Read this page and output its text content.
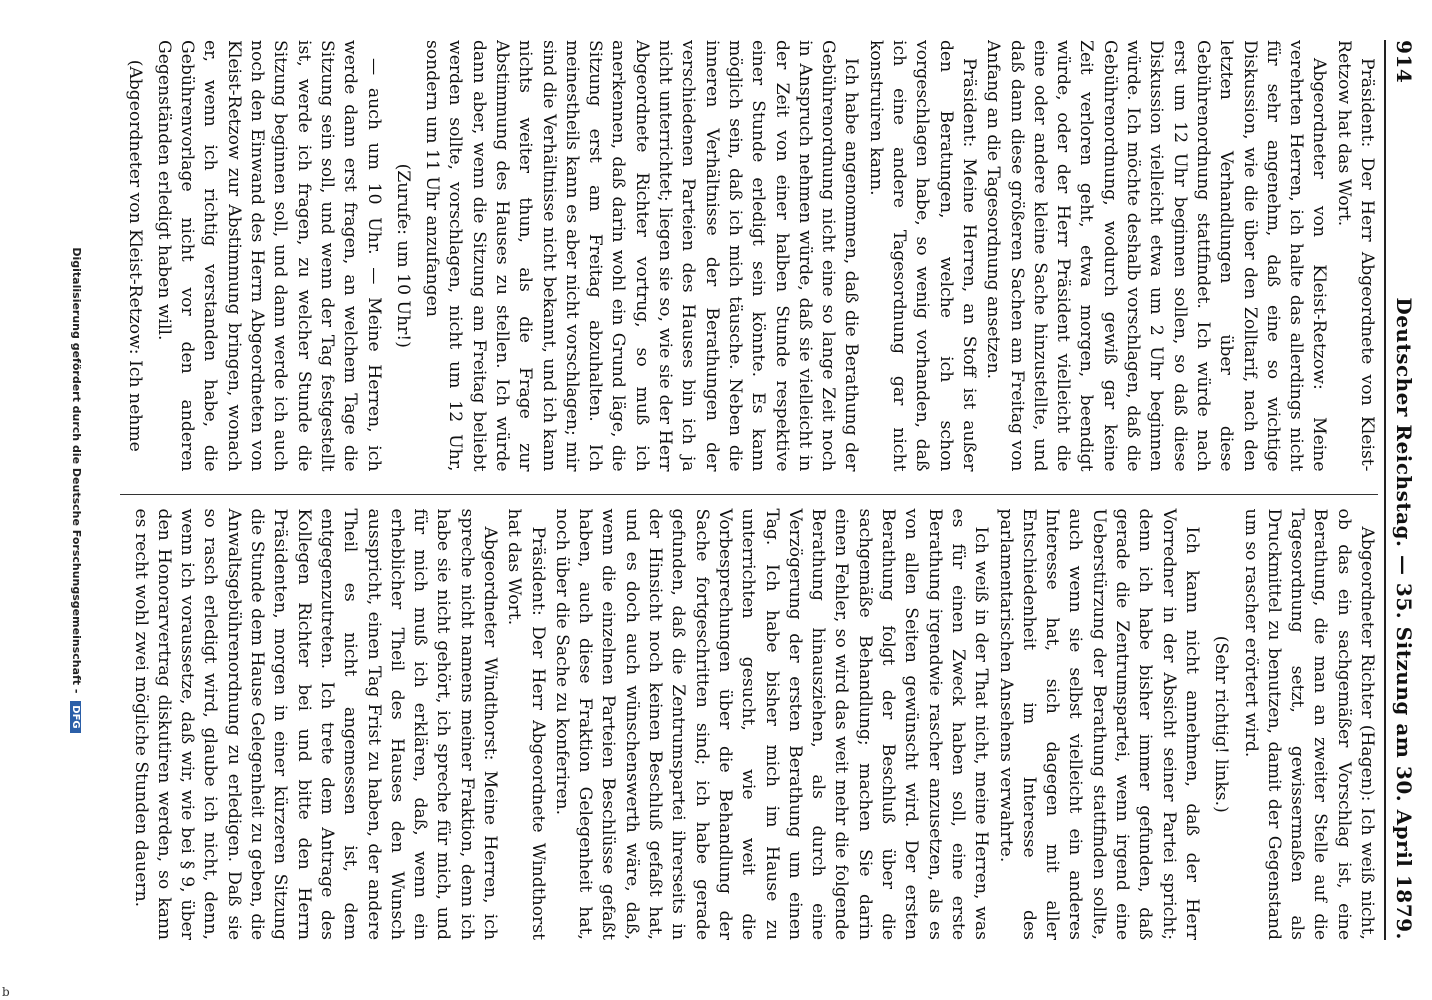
914
Deutscher Reichstag. — 35. Sitzung am 30. April 1879.

Präsident: Der Herr Abgeordnete von Kleist-Retzow hat das Wort.

Abgeordneter von Kleist-Retzow: Meine verehrten Herren, ich halte das allerdings nicht für sehr angenehm, daß eine so wichtige Diskussion, wie die über den Zolltarif, nach den letzten Verhandlungen über diese Gebührenordnung stattfindet. Ich würde nach erst um 12 Uhr beginnen sollen, so daß diese Diskussion vielleicht etwa um 2 Uhr beginnen würde. Ich möchte deshalb vorschlagen, daß die Gebührenordnung, wodurch gewiß gar keine Zeit verloren geht, etwa morgen, beendigt würde, oder der Herr Präsident vielleicht die eine oder andere kleine Sache hinzustellte, und daß dann diese größeren Sachen am Freitag von Anfang an die Tagesordnung ansetzen.

Präsident: Meine Herren, an Stoff ist außer den Beratungen, welche ich schon vorgeschlagen habe, so wenig vorhanden, daß ich eine andere Tagesordnung gar nicht konstruiren kann.

Ich habe angenommen, daß die Berathung der Gebührenordnung nicht eine so lange Zeit noch in Anspruch nehmen würde, daß sie vielleicht in der Zeit von einer halben Stunde respektive einer Stunde erledigt sein könnte. Es kann möglich sein, daß ich mich täusche. Neben die inneren Verhältnisse der Berathungen der verschiedenen Parteien des Hauses bin ich ja nicht unterrichtet; liegen sie so, wie sie der Herr Abgeordnete Richter vortrug, so muß ich anerkennen, daß darin wohl ein Grund läge, die Sitzung erst am Freitag abzuhalten. Ich meinestheils kann es aber nicht vorschlagen; mir sind die Verhältnisse nicht bekannt, und ich kann nichts weiter thun, als die Frage zur Abstimmung des Hauses zu stellen. Ich würde dann aber, wenn die Sitzung am Freitag beliebt werden sollte, vorschlagen, nicht um 12 Uhr, sondern um 11 Uhr anzufangen

(Zurufe: um 10 Uhr!)

— auch um 10 Uhr. — Meine Herren, ich werde dann erst fragen, an welchem Tage die Sitzung sein soll, und wenn der Tag festgestellt ist, werde ich fragen, zu welcher Stunde die Sitzung beginnen soll, und dann werde ich auch noch den Einwand des Herrn Abgeordneten von Kleist-Retzow zur Abstimmung bringen, wonach er, wenn ich richtig verstanden habe, die Gebührenvorlage nicht vor den anderen Gegenständen erledigt haben will.

(Abgeordneter von Kleist-Retzow: Ich nehme

Abgeordneter Richter (Hagen): Ich weiß nicht, ob das ein sachgemäßer Vorschlag ist, eine Berathung, die man an zweiter Stelle auf die Tagesordnung setzt, gewissermaßen als Druckmittel zu benutzen, damit der Gegenstand um so rascher erörtert wird.

(Sehr richtig! links.)

Ich kann nicht annehmen, daß der Herr Vorredner in der Absicht seiner Partei spricht; denn ich habe bisher immer gefunden, daß gerade die Zentrumspartei, wenn irgend eine Ueberstürzung der Berathung stattfinden sollte, auch wenn sie selbst vielleicht ein anderes Interesse hat, sich dagegen mit aller Entschiedenheit im Interesse des parlamentarischen Ansehens verwahrte.

Ich weiß in der That nicht, meine Herren, was es für einen Zweck haben soll, eine erste Berathung irgendwie rascher anzusetzen, als es von allen Seiten gewünscht wird. Der ersten Berathung folgt der Beschluß über die sachgemäße Behandlung; machen Sie darin einen Fehler, so wird das weit mehr die folgende Berathung hinausziehen, als durch eine Verzögerung der ersten Berathung um einen Tag. Ich habe bisher mich im Hause zu unterrichten gesucht, wie weit die Vorbesprechungen über die Behandlung der Sache fortgeschritten sind; ich habe gerade gefunden, daß die Zentrumspartei ihrerseits in der Hinsicht noch keinen Beschluß gefaßt hat, und es doch auch wünschenswerth wäre, daß, wenn die einzelnen Parteien Beschlüsse gefaßt haben, auch diese Fraktion Gelegenheit hat, noch über die Sache zu konferiren.

Präsident: Der Herr Abgeordnete Windthorst hat das Wort.

Abgeordneter Windthorst: Meine Herren, ich spreche nicht namens meiner Fraktion, denn ich habe sie nicht gehört, ich spreche für mich, und für mich muß ich erklären, daß, wenn ein erheblicher Theil des Hauses den Wunsch ausspricht, einen Tag Frist zu haben, der andere Theil es nicht angemessen ist, dem entgegenzutreten. Ich trete dem Antrage des Kollegen Richter bei und bitte den Herrn Präsidenten, morgen in einer kürzeren Sitzung die Stunde dem Hause Gelegenheit zu geben, die Anwaltsgebührenordnung zu erledigen. Daß sie so rasch erledigt wird, glaube ich nicht, denn, wenn ich voraussetze, daß wir, wie bei § 9, über den Honorarvertrag diskutiren werden, so kann es recht wohl zwei mögliche Stunden dauern.

Digitalisierung gefördert durch die Deutsche Forschungsgemeinschaft - DFG
b
